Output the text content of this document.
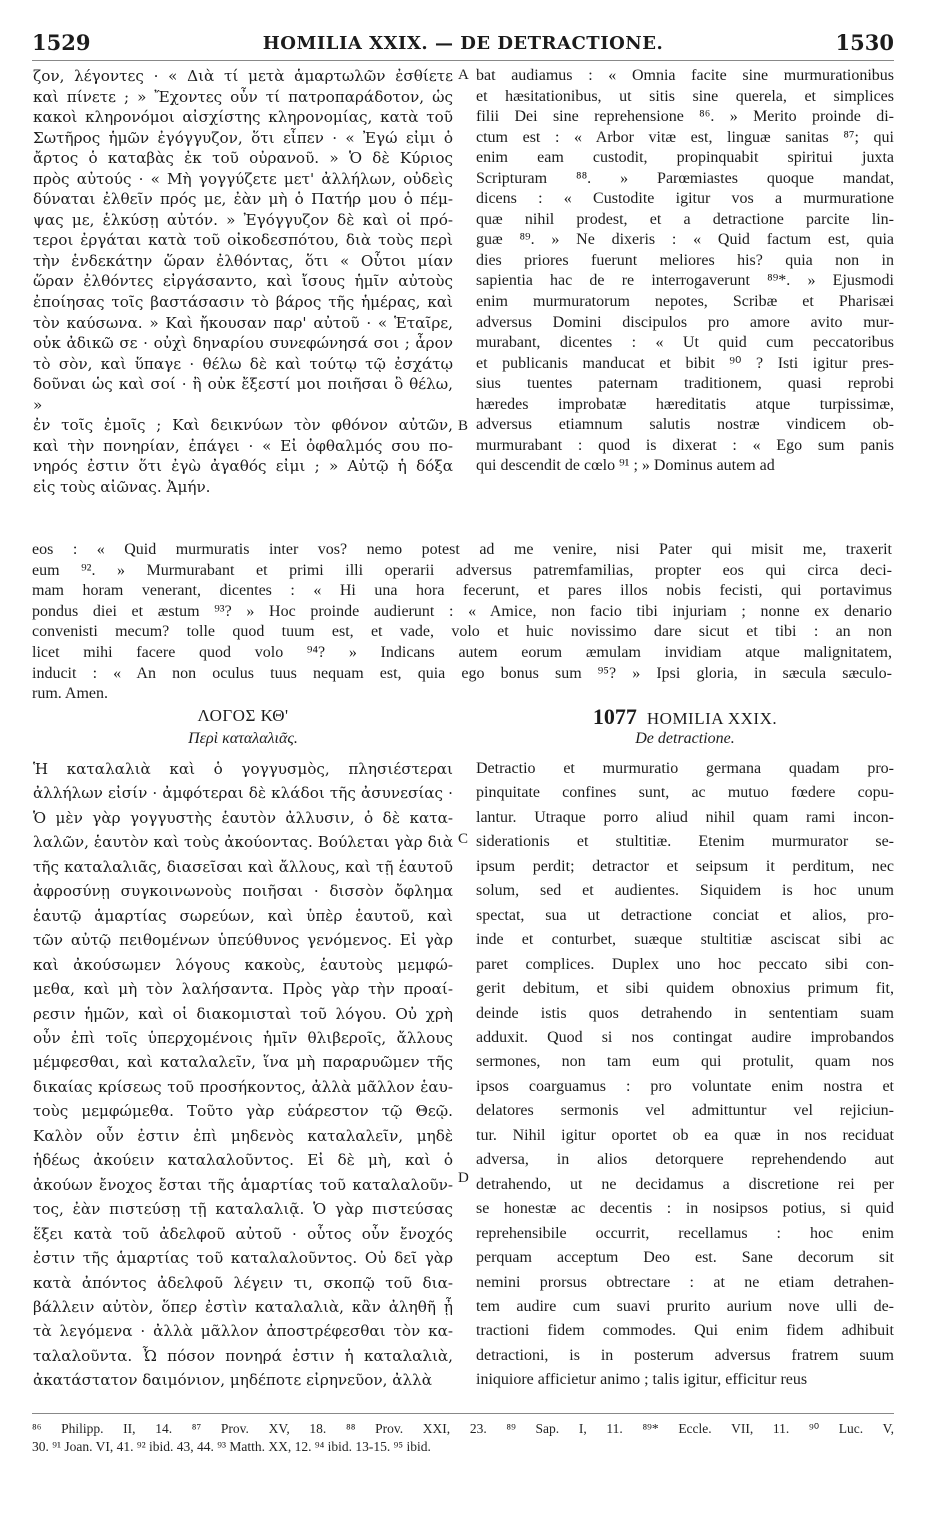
1529	HOMILIA XXIX. — DE DETRACTIONE.	1530

ζον, λέγοντες · « Διὰ τί μετὰ ἁμαρτωλῶν ἐσθίετε

καὶ πίνετε ; » Ἔχοντες οὖν τί πατροπαράδοτον, ὡς

κακοὶ κληρονόμοι αἰσχίστης κληρονομίας, κατὰ τοῦ

Σωτῆρος ἡμῶν ἐγόγγυζον, ὅτι εἶπεν · « Ἐγώ εἰμι ὁ

ἄρτος ὁ καταβὰς ἐκ τοῦ οὐρανοῦ. » Ὁ δὲ Κύριος

πρὸς αὐτούς · « Μὴ γογγύζετε μετ' ἀλλήλων, οὐδεὶς

δύναται ἐλθεῖν πρός με, ἐὰν μὴ ὁ Πατήρ μου ὁ πέμ-

ψας με, ἑλκύσῃ αὐτόν. » Ἐγόγγυζον δὲ καὶ οἱ πρό-

τεροι ἐργάται κατὰ τοῦ οἰκοδεσπότου, διὰ τοὺς περὶ

τὴν ἑνδεκάτην ὥραν ἐλθόντας, ὅτι « Οὗτοι μίαν

ὥραν ἐλθόντες εἰργάσαντο, καὶ ἴσους ἡμῖν αὐτοὺς

ἐποίησας τοῖς βαστάσασιν τὸ βάρος τῆς ἡμέρας, καὶ

τὸν καύσωνα. » Καὶ ἤκουσαν παρ' αὐτοῦ · « Ἑταῖρε,

οὐκ ἀδικῶ σε · οὐχὶ δηναρίου συνεφώνησά σοι ; ἆρον

τὸ σὸν, καὶ ὕπαγε · θέλω δὲ καὶ τούτῳ τῷ ἐσχάτῳ

δοῦναι ὡς καὶ σοί · ἢ οὐκ ἔξεστί μοι ποιῆσαι ὃ θέλω, »

ἐν τοῖς ἐμοῖς ; Καὶ δεικνύων τὸν φθόνον αὐτῶν,

καὶ τὴν πονηρίαν, ἐπάγει · « Εἰ ὀφθαλμός σου πο-

νηρός ἐστιν ὅτι ἐγὼ ἀγαθός εἰμι ; » Αὐτῷ ἡ δόξα

εἰς τοὺς αἰῶνας. Ἀμήν.

bat audiamus : « Omnia facite sine murmurationibus

et hæsitationibus, ut sitis sine querela, et simplices

filii Dei sine reprehensione ⁸⁶. » Merito proinde di-

ctum est : « Arbor vitæ est, linguæ sanitas ⁸⁷; qui

enim eam custodit, propinquabit spiritui juxta

Scripturam ⁸⁸. » Parœmiastes quoque mandat,

dicens : « Custodite igitur vos a murmuratione

quæ nihil prodest, et a detractione parcite lin-

guæ ⁸⁹. » Ne dixeris : « Quid factum est, quia

dies priores fuerunt meliores his? quia non in

sapientia hac de re interrogaverunt ⁸⁹*. » Ejusmodi

enim murmuratorum nepotes, Scribæ et Pharisæi

adversus Domini discipulos pro amore avito mur-

murabant, dicentes : « Ut quid cum peccatoribus

et publicanis manducat et bibit ⁹⁰ ? Isti igitur pres-

sius tuentes paternam traditionem, quasi reprobi

hæredes improbatæ hæreditatis atque turpissimæ,

adversus etiamnum salutis nostræ vindicem ob-

murmurabant : quod is dixerat : « Ego sum panis

qui descendit de cœlo ⁹¹ ; » Dominus autem ad

A
B

eos : « Quid murmuratis inter vos? nemo potest ad me venire, nisi Pater qui misit me, traxerit

eum ⁹². » Murmurabant et primi illi operarii adversus patremfamilias, propter eos qui circa deci-

mam horam venerant, dicentes : « Hi una hora fecerunt, et pares illos nobis fecisti, qui portavimus

pondus diei et æstum ⁹³? » Hoc proinde audierunt : « Amice, non facio tibi injuriam ; nonne ex denario

convenisti mecum? tolle quod tuum est, et vade, volo et huic novissimo dare sicut et tibi : an non

licet mihi facere quod volo ⁹⁴? » Indicans autem eorum æmulam invidiam atque malignitatem,

inducit : « An non oculus tuus nequam est, quia ego bonus sum ⁹⁵? » Ipsi gloria, in sæcula sæculo-

rum. Amen.

ΛΟΓΟΣ ΚΘ'
Περὶ καταλαλιᾶς.
1077 HOMILIA XXIX.
De detractione.

Ἡ καταλαλιὰ καὶ ὁ γογγυσμὸς, πλησιέστεραι

ἀλλήλων εἰσίν · ἀμφότεραι δὲ κλάδοι τῆς ἀσυνεσίας ·

Ὁ μὲν γὰρ γογγυστὴς ἑαυτὸν ἀλλυσιν, ὁ δὲ κατα-

λαλῶν, ἑαυτὸν καὶ τοὺς ἀκούοντας. Βούλεται γὰρ διὰ

τῆς καταλαλιᾶς, διασεῖσαι καὶ ἄλλους, καὶ τῇ ἑαυτοῦ

ἀφροσύνῃ συγκοινωνοὺς ποιῆσαι · δισσὸν ὄφλημα

ἑαυτῷ ἁμαρτίας σωρεύων, καὶ ὑπὲρ ἑαυτοῦ, καὶ

τῶν αὐτῷ πειθομένων ὑπεύθυνος γενόμενος. Εἰ γὰρ

καὶ ἀκούσωμεν λόγους κακοὺς, ἑαυτοὺς μεμφώ-

μεθα, καὶ μὴ τὸν λαλήσαντα. Πρὸς γὰρ τὴν προαί-

ρεσιν ἡμῶν, καὶ οἱ διακομισταὶ τοῦ λόγου. Οὐ χρὴ

οὖν ἐπὶ τοῖς ὑπερχομένοις ἡμῖν θλιβεροῖς, ἄλλους

μέμφεσθαι, καὶ καταλαλεῖν, ἵνα μὴ παραρυῶμεν τῆς

δικαίας κρίσεως τοῦ προσήκοντος, ἀλλὰ μᾶλλον ἑαυ-

τοὺς μεμφώμεθα. Τοῦτο γὰρ εὐάρεστον τῷ Θεῷ.

Καλὸν οὖν ἐστιν ἐπὶ μηδενὸς καταλαλεῖν, μηδὲ

ἡδέως ἀκούειν καταλαλοῦντος. Εἰ δὲ μὴ, καὶ ὁ

ἀκούων ἔνοχος ἔσται τῆς ἁμαρτίας τοῦ καταλαλοῦν-

τος, ἐὰν πιστεύσῃ τῇ καταλαλιᾷ. Ὁ γὰρ πιστεύσας

ἕξει κατὰ τοῦ ἀδελφοῦ αὐτοῦ · οὗτος οὖν ἔνοχός

ἐστιν τῆς ἁμαρτίας τοῦ καταλαλοῦντος. Οὐ δεῖ γὰρ

κατὰ ἀπόντος ἀδελφοῦ λέγειν τι, σκοπῷ τοῦ δια-

βάλλειν αὐτὸν, ὅπερ ἐστὶν καταλαλιὰ, κἂν ἀληθῆ ᾖ

τὰ λεγόμενα · ἀλλὰ μᾶλλον ἀποστρέφεσθαι τὸν κα-

ταλαλοῦντα. Ὦ πόσον πονηρά ἐστιν ἡ καταλαλιὰ,

ἀκατάστατον δαιμόνιον, μηδέποτε εἰρηνεῦον, ἀλλὰ

Detractio et murmuratio germana quadam pro-

pinquitate confines sunt, ac mutuo fœdere copu-

lantur. Utraque porro aliud nihil quam rami incon-

siderationis et stultitiæ. Etenim murmurator se-

ipsum perdit; detractor et seipsum it perditum, nec

solum, sed et audientes. Siquidem is hoc unum

spectat, sua ut detractione conciat et alios, pro-

inde et conturbet, suæque stultitiæ asciscat sibi ac

paret complices. Duplex uno hoc peccato sibi con-

gerit debitum, et sibi quidem obnoxius primum fit,

deinde istis quos detrahendo in sententiam suam

adduxit. Quod si nos contingat audire improbandos

sermones, non tam eum qui protulit, quam nos

ipsos coarguamus : pro voluntate enim nostra et

delatores sermonis vel admittuntur vel rejiciun-

tur. Nihil igitur oportet ob ea quæ in nos reciduat

adversa, in alios detorquere reprehendendo aut

detrahendo, ut ne decidamus a discretione rei per

se honestæ ac decentis : in nosipsos potius, si quid

reprehensibile occurrit, recellamus : hoc enim

perquam acceptum Deo est. Sane decorum sit

nemini prorsus obtrectare : at ne etiam detrahen-

tem audire cum suavi prurito aurium nove ulli de-

tractioni fidem commodes. Qui enim fidem adhibuit

detractioni, is in posterum adversus fratrem suum

iniquiore afficietur animo ; talis igitur, efficitur reus

C
D

⁸⁶ Philipp. II, 14. ⁸⁷ Prov. XV, 18. ⁸⁸ Prov. XXI, 23. ⁸⁹ Sap. I, 11. ⁸⁹* Eccle. VII, 11. ⁹⁰ Luc. V,

30. ⁹¹ Joan. VI, 41. ⁹² ibid. 43, 44. ⁹³ Matth. XX, 12. ⁹⁴ ibid. 13-15. ⁹⁵ ibid.
